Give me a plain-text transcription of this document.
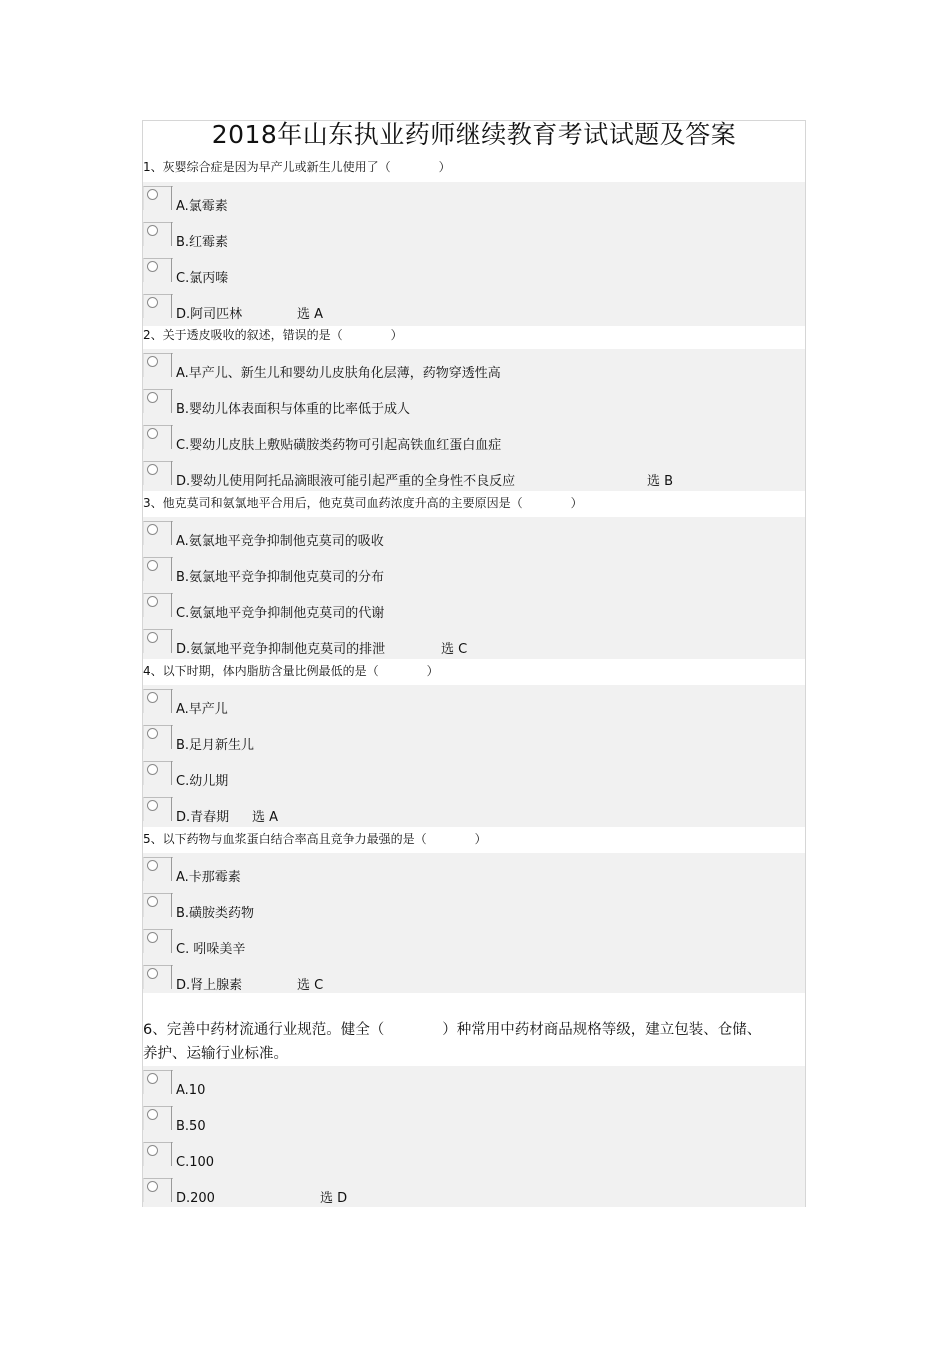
2018年山东执业药师继续教育考试试题及答案
1、灰婴综合症是因为早产儿或新生儿使用了（　　　　）
A.氯霉素
B.红霉素
C.氯丙嗪
D.阿司匹林	选 A
2、关于透皮吸收的叙述，错误的是（　　　　）
A.早产儿、新生儿和婴幼儿皮肤角化层薄，药物穿透性高
B.婴幼儿体表面积与体重的比率低于成人
C.婴幼儿皮肤上敷贴磺胺类药物可引起高铁血红蛋白血症
D.婴幼儿使用阿托品滴眼液可能引起严重的全身性不良反应	选 B
3、他克莫司和氨氯地平合用后，他克莫司血药浓度升高的主要原因是（　　　　）
A.氨氯地平竞争抑制他克莫司的吸收
B.氨氯地平竞争抑制他克莫司的分布
C.氨氯地平竞争抑制他克莫司的代谢
D.氨氯地平竞争抑制他克莫司的排泄	选 C
4、以下时期，体内脂肪含量比例最低的是（　　　　）
A.早产儿
B.足月新生儿
C.幼儿期
D.青春期 选 A
5、以下药物与血浆蛋白结合率高且竞争力最强的是（　　　　）
A.卡那霉素
B.磺胺类药物
C. 吲哚美辛
D.肾上腺素	选 C
6、完善中药材流通行业规范。健全（　　　　）种常用中药材商品规格等级，建立包装、仓储、养护、运输行业标准。
A.10
B.50
C.100
D.200	选 D
